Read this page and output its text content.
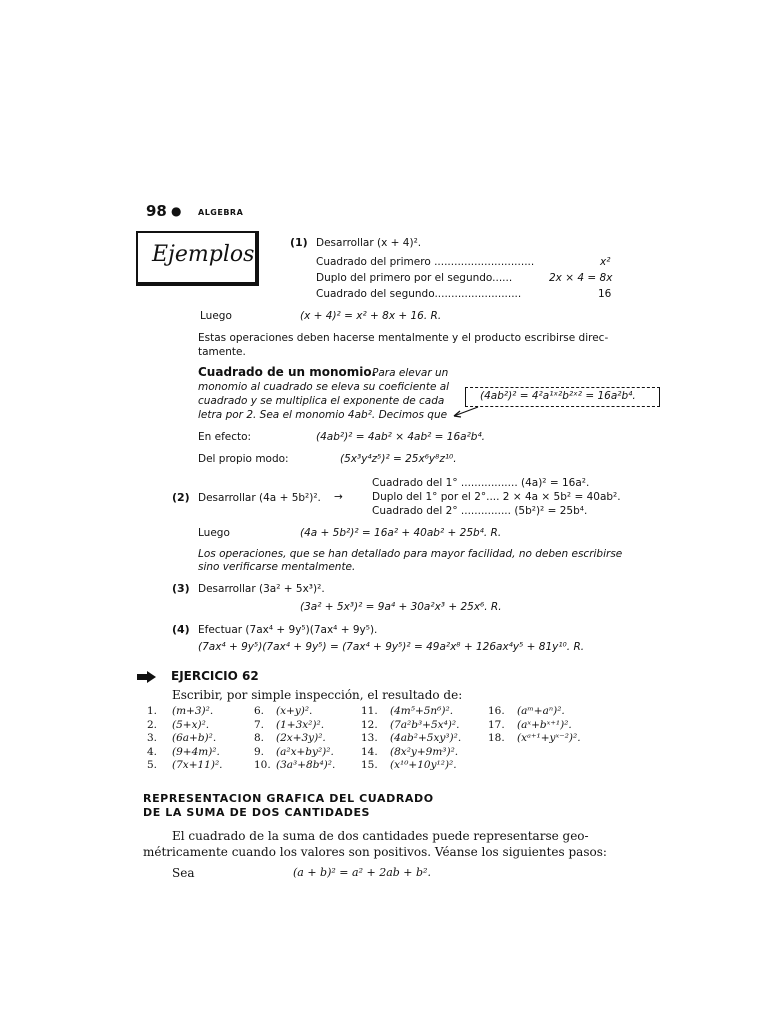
98 ● ALGEBRA
Ejemplos	(1) Desarrollar (x + 4)².
Cuadrado del primero ..............................	x²
Duplo del primero por el segundo......	2x × 4 = 8x
Cuadrado del segundo..........................	16
Luego	(x + 4)² = x² + 8x + 16. R.
Estas operaciones deben hacerse mentalmente y el producto escribirse direc-
tamente.
Cuadrado de un monomio.
Para elevar un
monomio al cuadrado se eleva su coeficiente al
cuadrado y se multiplica el exponente de cada
letra por 2. Sea el monomio 4ab². Decimos que
(4ab²)² = 4²a¹ˣ²b²ˣ² = 16a²b⁴.
En efecto:	(4ab²)² = 4ab² × 4ab² = 16a²b⁴.
Del propio modo:	(5x³y⁴z⁵)² = 25x⁶y⁸z¹⁰.
Cuadrado del 1° ................. (4a)² = 16a².
(2) Desarrollar (4a + 5b²)². →	Duplo del 1° por el 2°.... 2 × 4a × 5b² = 40ab².
Cuadrado del 2° ............... (5b²)² = 25b⁴.
Luego	(4a + 5b²)² = 16a² + 40ab² + 25b⁴. R.
Los operaciones, que se han detallado para mayor facilidad, no deben escribirse
sino verificarse mentalmente.
(3) Desarrollar (3a² + 5x³)².
(3a² + 5x³)² = 9a⁴ + 30a²x³ + 25x⁶. R.
(4) Efectuar (7ax⁴ + 9y⁵)(7ax⁴ + 9y⁵).
(7ax⁴ + 9y⁵)(7ax⁴ + 9y⁵) = (7ax⁴ + 9y⁵)² = 49a²x⁸ + 126ax⁴y⁵ + 81y¹⁰. R.
EJERCICIO 62
Escribir, por simple inspección, el resultado de:
1. (m+3)².
2. (5+x)².
3. (6a+b)².
4. (9+4m)².
5. (7x+11)².
6. (x+y)².
7. (1+3x²)².
8. (2x+3y)².
9. (a²x+by²)².
10. (3a³+8b⁴)².
11. (4m⁵+5n⁶)².
12. (7a²b³+5x⁴)².
13. (4ab²+5xy³)².
14. (8x²y+9m³)².
15. (x¹⁰+10y¹²)².
16. (aᵐ+aⁿ)².
17. (aˣ+bˣ⁺¹)².
18. (xᵃ⁺¹+yˣ⁻²)².
REPRESENTACION GRAFICA DEL CUADRADO
DE LA SUMA DE DOS CANTIDADES
El cuadrado de la suma de dos cantidades puede representarse geo-
métricamente cuando los valores son positivos. Véanse los siguientes pasos:
Sea	(a + b)² = a² + 2ab + b².
